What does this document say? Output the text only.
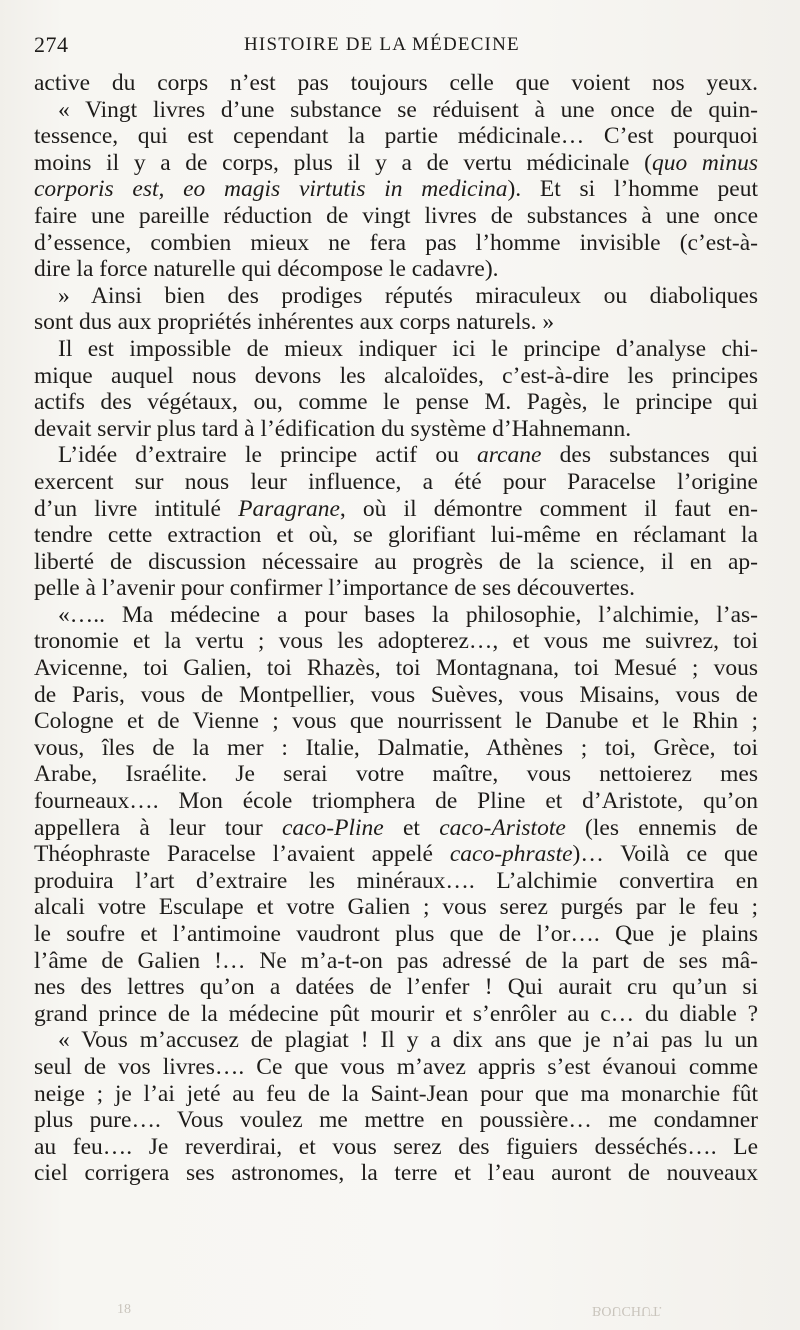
274	HISTOIRE DE LA MÉDECINE
active du corps n’est pas toujours celle que voient nos yeux.
« Vingt livres d’une substance se réduisent à une once de quin-
tessence, qui est cependant la partie médicinale… C’est pourquoi
moins il y a de corps, plus il y a de vertu médicinale (quo minus
corporis est, eo magis virtutis in medicina). Et si l’homme peut
faire une pareille réduction de vingt livres de substances à une once
d’essence, combien mieux ne fera pas l’homme invisible (c’est-à-
dire la force naturelle qui décompose le cadavre).
» Ainsi bien des prodiges réputés miraculeux ou diaboliques
sont dus aux propriétés inhérentes aux corps naturels. »
Il est impossible de mieux indiquer ici le principe d’analyse chi-
mique auquel nous devons les alcaloïdes, c’est-à-dire les principes
actifs des végétaux, ou, comme le pense M. Pagès, le principe qui
devait servir plus tard à l’édification du système d’Hahnemann.
L’idée d’extraire le principe actif ou arcane des substances qui
exercent sur nous leur influence, a été pour Paracelse l’origine
d’un livre intitulé Paragrane, où il démontre comment il faut en-
tendre cette extraction et où, se glorifiant lui-même en réclamant la
liberté de discussion nécessaire au progrès de la science, il en ap-
pelle à l’avenir pour confirmer l’importance de ses découvertes.
«….. Ma médecine a pour bases la philosophie, l’alchimie, l’as-
tronomie et la vertu ; vous les adopterez…, et vous me suivrez, toi
Avicenne, toi Galien, toi Rhazès, toi Montagnana, toi Mesué ; vous
de Paris, vous de Montpellier, vous Suèves, vous Misains, vous de
Cologne et de Vienne ; vous que nourrissent le Danube et le Rhin ;
vous, îles de la mer : Italie, Dalmatie, Athènes ; toi, Grèce, toi
Arabe, Israélite. Je serai votre maître, vous nettoierez mes
fourneaux…. Mon école triomphera de Pline et d’Aristote, qu’on
appellera à leur tour caco-Pline et caco-Aristote (les ennemis de
Théophraste Paracelse l’avaient appelé caco-phraste)… Voilà ce que
produira l’art d’extraire les minéraux…. L’alchimie convertira en
alcali votre Esculape et votre Galien ; vous serez purgés par le feu ;
le soufre et l’antimoine vaudront plus que de l’or…. Que je plains
l’âme de Galien !… Ne m’a-t-on pas adressé de la part de ses mâ-
nes des lettres qu’on a datées de l’enfer ! Qui aurait cru qu’un si
grand prince de la médecine pût mourir et s’enrôler au c… du diable ?
« Vous m’accusez de plagiat ! Il y a dix ans que je n’ai pas lu un
seul de vos livres…. Ce que vous m’avez appris s’est évanoui comme
neige ; je l’ai jeté au feu de la Saint-Jean pour que ma monarchie fût
plus pure…. Vous voulez me mettre en poussière… me condamner
au feu…. Je reverdirai, et vous serez des figuiers desséchés…. Le
ciel corrigera ses astronomes, la terre et l’eau auront de nouveaux
18	BOUCHUT.
